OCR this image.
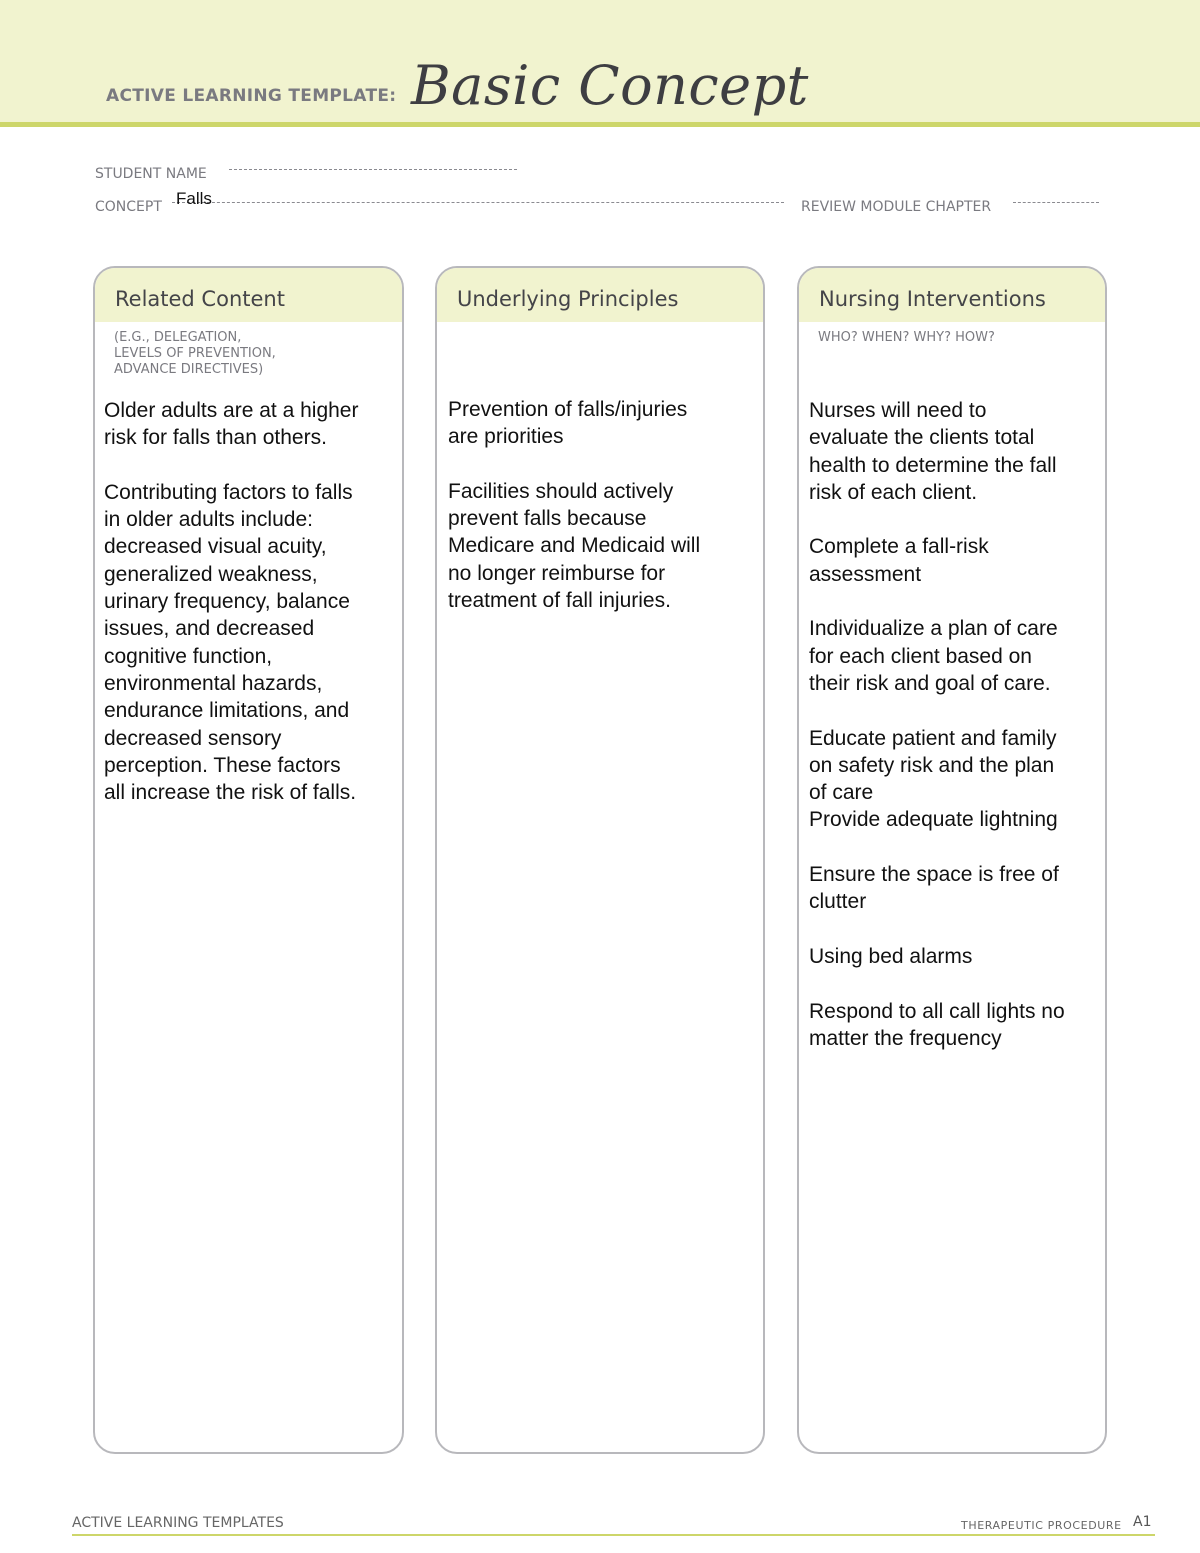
ACTIVE LEARNING TEMPLATE: Basic Concept
STUDENT NAME
CONCEPT Falls	REVIEW MODULE CHAPTER
Related Content
(E.G., DELEGATION,
LEVELS OF PREVENTION,
ADVANCE DIRECTIVES)
Older adults are at a higher
risk for falls than others.

Contributing factors to falls
in older adults include:
decreased visual acuity,
generalized weakness,
urinary frequency, balance
issues, and decreased
cognitive function,
environmental hazards,
endurance limitations, and
decreased sensory
perception. These factors
all increase the risk of falls.
Underlying Principles
Prevention of falls/injuries
are priorities

Facilities should actively
prevent falls because
Medicare and Medicaid will
no longer reimburse for
treatment of fall injuries.
Nursing Interventions
WHO? WHEN? WHY? HOW?
Nurses will need to
evaluate the clients total
health to determine the fall
risk of each client.

Complete a fall-risk
assessment

Individualize a plan of care
for each client based on
their risk and goal of care.

Educate patient and family
on safety risk and the plan
of care
Provide adequate lightning

Ensure the space is free of
clutter

Using bed alarms

Respond to all call lights no
matter the frequency
ACTIVE LEARNING TEMPLATES	THERAPEUTIC PROCEDURE A1
